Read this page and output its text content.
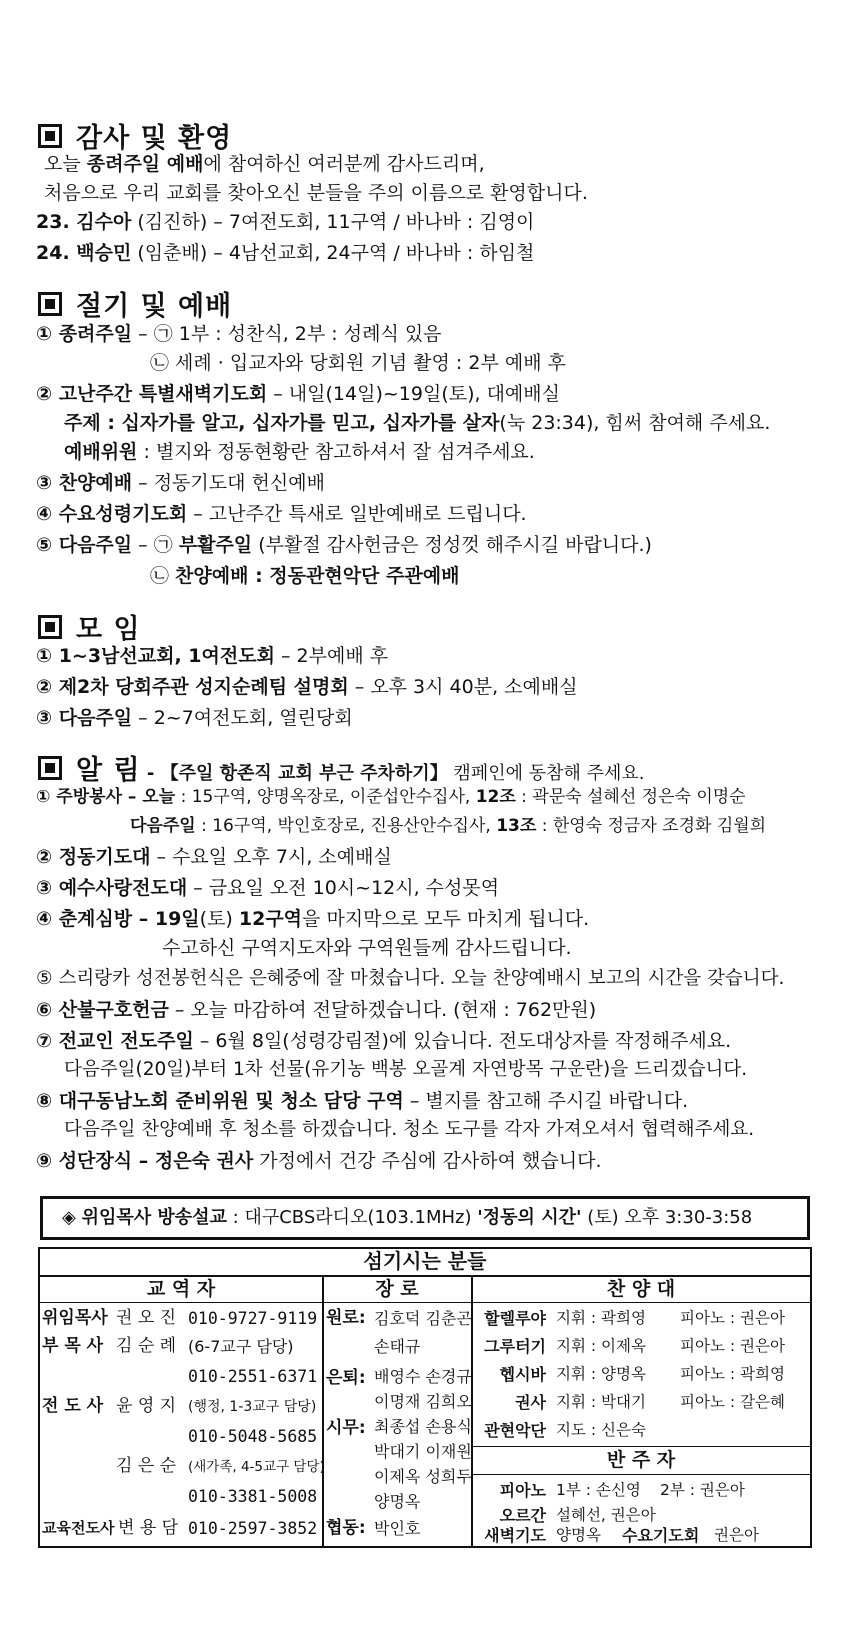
감사 및 환영
오늘 종려주일 예배에 참여하신 여러분께 감사드리며,
처음으로 우리 교회를 찾아오신 분들을 주의 이름으로 환영합니다.
23. 김수아 (김진하) – 7여전도회, 11구역 / 바나바 : 김영이
24. 백승민 (임춘배) – 4남선교회, 24구역 / 바나바 : 하임철
절기 및 예배
① 종려주일 – ㉠ 1부 : 성찬식, 2부 : 성례식 있음
㉡ 세례 · 입교자와 당회원 기념 촬영 : 2부 예배 후
② 고난주간 특별새벽기도회 – 내일(14일)~19일(토), 대예배실
주제 : 십자가를 알고, 십자가를 믿고, 십자가를 살자(눅 23:34), 힘써 참여해 주세요.
예배위원 : 별지와 정동현황란 참고하셔서 잘 섬겨주세요.
③ 찬양예배 – 정동기도대 헌신예배
④ 수요성령기도회 – 고난주간 특새로 일반예배로 드립니다.
⑤ 다음주일 – ㉠ 부활주일 (부활절 감사헌금은 정성껏 해주시길 바랍니다.)
㉡ 찬양예배 : 정동관현악단 주관예배
모 임
① 1~3남선교회, 1여전도회 – 2부예배 후
② 제2차 당회주관 성지순례팀 설명회 – 오후 3시 40분, 소예배실
③ 다음주일 – 2~7여전도회, 열린당회
알 림 - 【주일 항존직 교회 부근 주차하기】 캠페인에 동참해 주세요.
① 주방봉사 – 오늘 : 15구역, 양명옥장로, 이준섭안수집사, 12조 : 곽문숙 설혜선 정은숙 이명순
다음주일 : 16구역, 박인호장로, 진용산안수집사, 13조 : 한영숙 정금자 조경화 김월희
② 정동기도대 – 수요일 오후 7시, 소예배실
③ 예수사랑전도대 – 금요일 오전 10시~12시, 수성못역
④ 춘계심방 – 19일(토) 12구역을 마지막으로 모두 마치게 됩니다.
수고하신 구역지도자와 구역원들께 감사드립니다.
⑤ 스리랑카 성전봉헌식은 은혜중에 잘 마쳤습니다. 오늘 찬양예배시 보고의 시간을 갖습니다.
⑥ 산불구호헌금 – 오늘 마감하여 전달하겠습니다. (현재 : 762만원)
⑦ 전교인 전도주일 – 6월 8일(성령강림절)에 있습니다. 전도대상자를 작정해주세요.
다음주일(20일)부터 1차 선물(유기농 백봉 오골계 자연방목 구운란)을 드리겠습니다.
⑧ 대구동남노회 준비위원 및 청소 담당 구역 – 별지를 참고해 주시길 바랍니다.
다음주일 찬양예배 후 청소를 하겠습니다. 청소 도구를 각자 가져오셔서 협력해주세요.
⑨ 성단장식 – 정은숙 권사 가정에서 건강 주심에 감사하여 했습니다.
◈ 위임목사 방송설교 : 대구CBS라디오(103.1MHz) '정동의 시간' (토) 오후 3:30-3:58
섬기시는 분들
교 역 자	장 로	찬 양 대
위임목사 권 오 진 010-9727-9119
부 목 사 김 순 례 (6-7교구 담당)
010-2551-6371
전 도 사 윤 영 지 (행정, 1-3교구 담당)
010-5048-5685
김 은 순 (새가족, 4-5교구 담당)
010-3381-5008
교육전도사 변 용 담 010-2597-3852
원로: 김호덕 김춘곤
손태규
은퇴: 배영수 손경규
이명재 김희오
시무: 최종섭 손용식
박대기 이재원
이제옥 성희두
양명옥
협동: 박인호
할렐루야 지휘 : 곽희영 피아노 : 권은아
그루터기 지휘 : 이제옥 피아노 : 권은아
헵시바 지휘 : 양명옥 피아노 : 곽희영
권사 지휘 : 박대기 피아노 : 갈은혜
관현악단 지도 : 신은숙
반 주 자
피아노 1부 : 손신영 2부 : 권은아
오르간 설혜선, 권은아
새벽기도 양명옥 수요기도회 권은아
